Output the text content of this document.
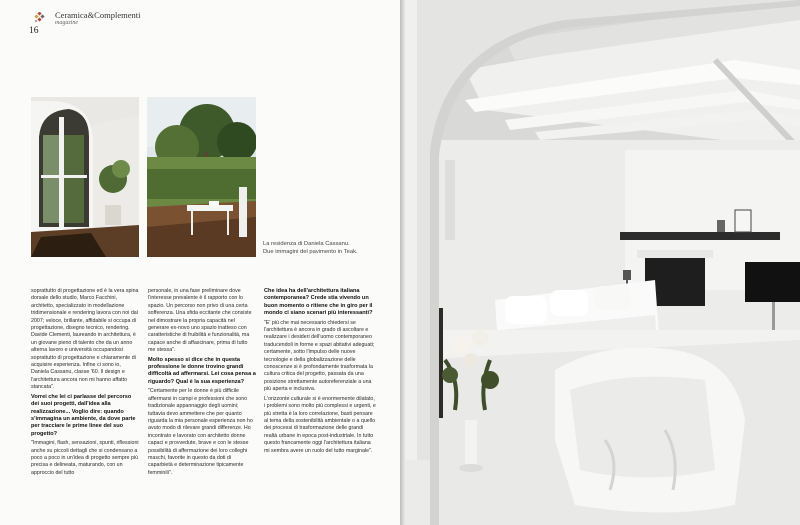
Ceramica&Complementi
magazine
16
La residenza di Daniela Cassanu.
Due immagini del pavimento in Teak.

soprattutto di progettazione ed è la vera spina dorsale dello studio, Marco Facchini, architetto, specializzato in modellazione tridimensionale e rendering lavora con noi dal 2007; veloce, brillante, affidabile si occupa di progettazione, disegno tecnico, rendering. Davide Clementi, laureando in architettura, è un giovane pieno di talento che da un anno alterna lavoro e università occupandosi soprattutto di progettazione e chiaramente di acquisire esperienza. Infine ci sono io, Daniela Cassanu, classe '60. Il design e l'architettura ancora non mi hanno affatto stancata".

Vorrei che lei ci parlasse del percorso dei suoi progetti, dall'idea alla realizzazione... Voglio dire: quando s'immagina un ambiente, da dove parte per tracciare le prime linee del suo progetto?

"Immagini, flash, sensazioni, spunti, riflessioni anche su piccoli dettagli che si condensano a poco a poco in un'idea di progetto sempre più precisa e delineata, maturando, con un approccio del tutto

personale, in una fase preliminare dove l'interesse prevalente è il rapporto con lo spazio. Un percorso non privo di una certa sofferenza. Una sfida eccitante che consiste nel dimostrare la propria capacità nel generare ex-novo uno spazio inatteso con caratteristiche di fruibilità e funzionalità, ma capace anche di affascinare, prima di tutto me stessa".

Molto spesso si dice che in questa professione le donne trovino grandi difficoltà ad affermarsi. Lei cosa pensa a riguardo? Qual è la sua esperienza?

"Certamente per le donne è più difficile affermarsi in campi e professioni che sono tradizionale appannaggio degli uomini; tuttavia devo ammettere che per quanto riguarda la mia personale esperienza non ho avuto modo di rilevare grandi differenze. Ho incontrato e lavorato con architetto donne capaci e provvedute, brave e con le stesse possibilità di affermazione dei loro colleghi maschi, favorite in questo da doti di caparbietà e determinazione tipicamente femminili".

Che idea ha dell'architettura italiana contemporanea? Crede stia vivendo un buon momento o ritiene che in giro per il mondo ci siano scenari più interessanti?

"E' più che mai necessario chiedersi se l'architettura è ancora in grado di ascoltare e realizzare i desideri dell'uomo contemporaneo traducendoli in forme e spazi abitativi adeguati; certamente, sotto l'impulso delle nuove tecnologie e della globalizzazione delle conoscenze si è profondamente trasformata la cultura critica del progetto, passata da una posizione strettamente autoreferenziale a una più aperta e inclusiva.

L'orizzonte culturale si è enormemente dilatato, i problemi sono molto più complessi e urgenti, e più stretta è la loro correlazione, basti pensare al tema della sostenibilità ambientale o a quello dei processi di trasformazione delle grandi realtà urbane in epoca post-industriale. In tutto questo francamente oggi l'architettura italiana mi sembra avere un ruolo del tutto marginale".
